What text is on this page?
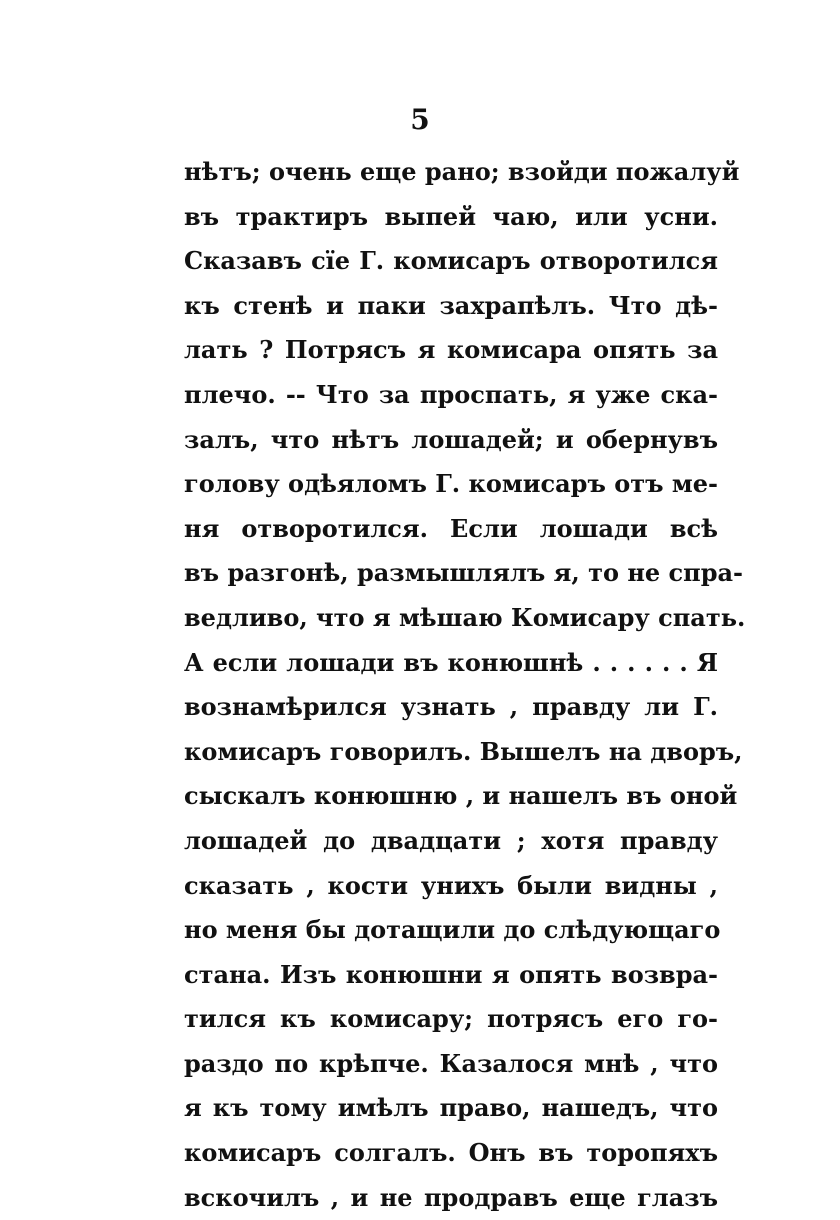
5
нѣтъ; очень еще рано; взойди пожалуй
въ трактиръ выпей чаю, или усни.
Сказавъ сїе Г. комисаръ отворотился
къ стенѣ и паки захрапѣлъ. Что дѣ-
лать ? Потрясъ я комисара опять за
плечо. -- Что за проспать, я уже ска-
залъ, что нѣтъ лошадей; и обернувъ
голову одѣяломъ Г. комисаръ отъ ме-
ня отворотился. Если лошади всѣ
въ разгонѣ, размышлялъ я, то не спра-
ведливо, что я мѣшаю Комисару спать.
А если лошади въ конюшнѣ . . . . . . Я
вознамѣрился узнать , правду ли Г.
комисаръ говорилъ. Вышелъ на дворъ,
сыскалъ конюшню , и нашелъ въ оной
лошадей до двадцати ; хотя правду
сказать , кости унихъ были видны ,
но меня бы дотащили до слѣдующаго
стана. Изъ конюшни я опять возвра-
тился къ комисару; потрясъ его го-
раздо по крѣпче. Казалося мнѣ , что
я къ тому имѣлъ право, нашедъ, что
комисаръ солгалъ. Онъ въ торопяхъ
вскочилъ , и не продравъ еще глазъ
